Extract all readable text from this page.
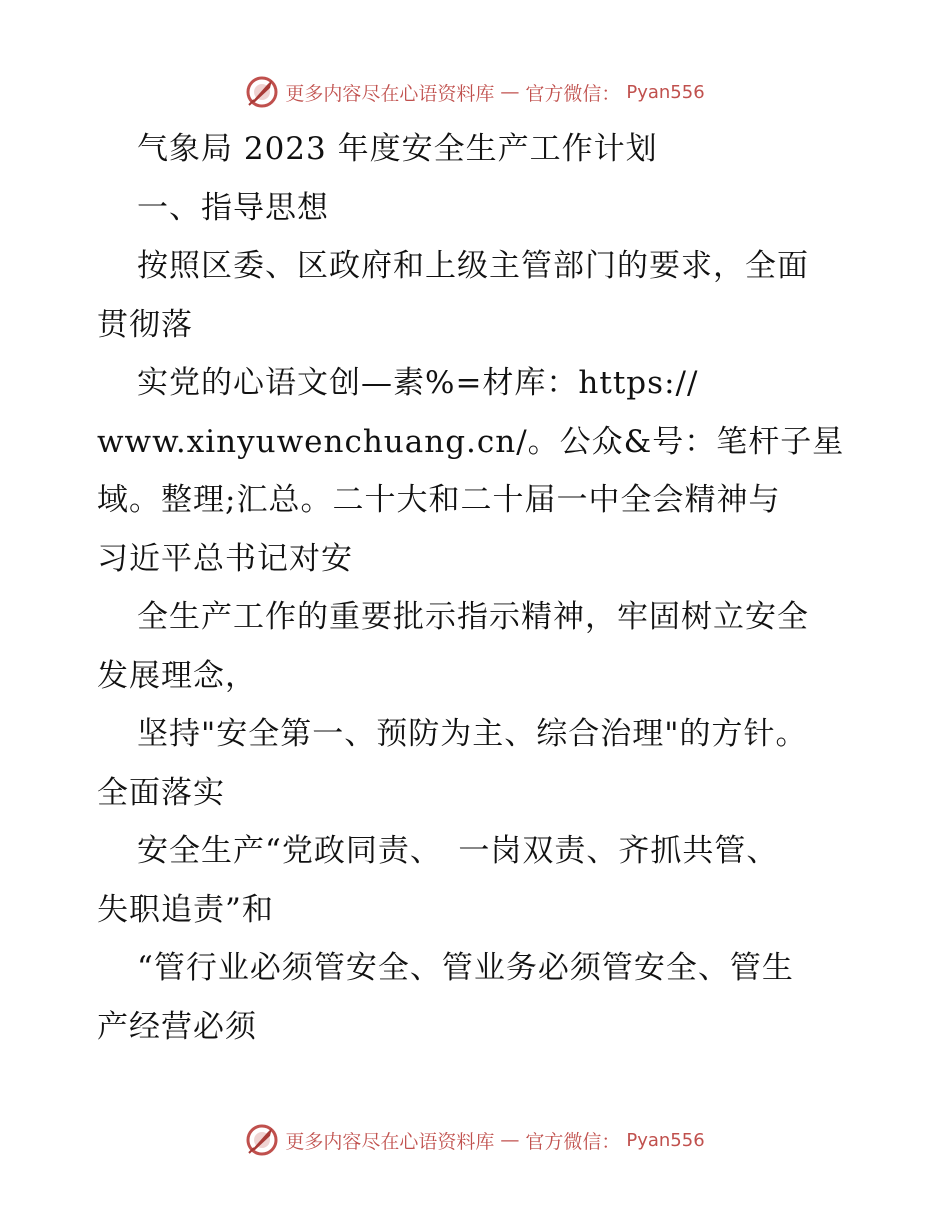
更多内容尽在心语资料库 — 官方微信： Pyan556
气象局 2023 年度安全生产工作计划
一、指导思想
按照区委、区政府和上级主管部门的要求，全面
贯彻落
实党的心语文创—素%=材库：https://
www.xinyuwenchuang.cn/。公众&号：笔杆子星
域。整理;汇总。二十大和二十届一中全会精神与
习近平总书记对安
全生产工作的重要批示指示精神，牢固树立安全
发展理念，
坚持"安全第一、预防为主、综合治理"的方针。
全面落实
安全生产“党政同责、　一岗双责、齐抓共管、
失职追责”和
“管行业必须管安全、管业务必须管安全、管生
产经营必须
更多内容尽在心语资料库 — 官方微信： Pyan556
